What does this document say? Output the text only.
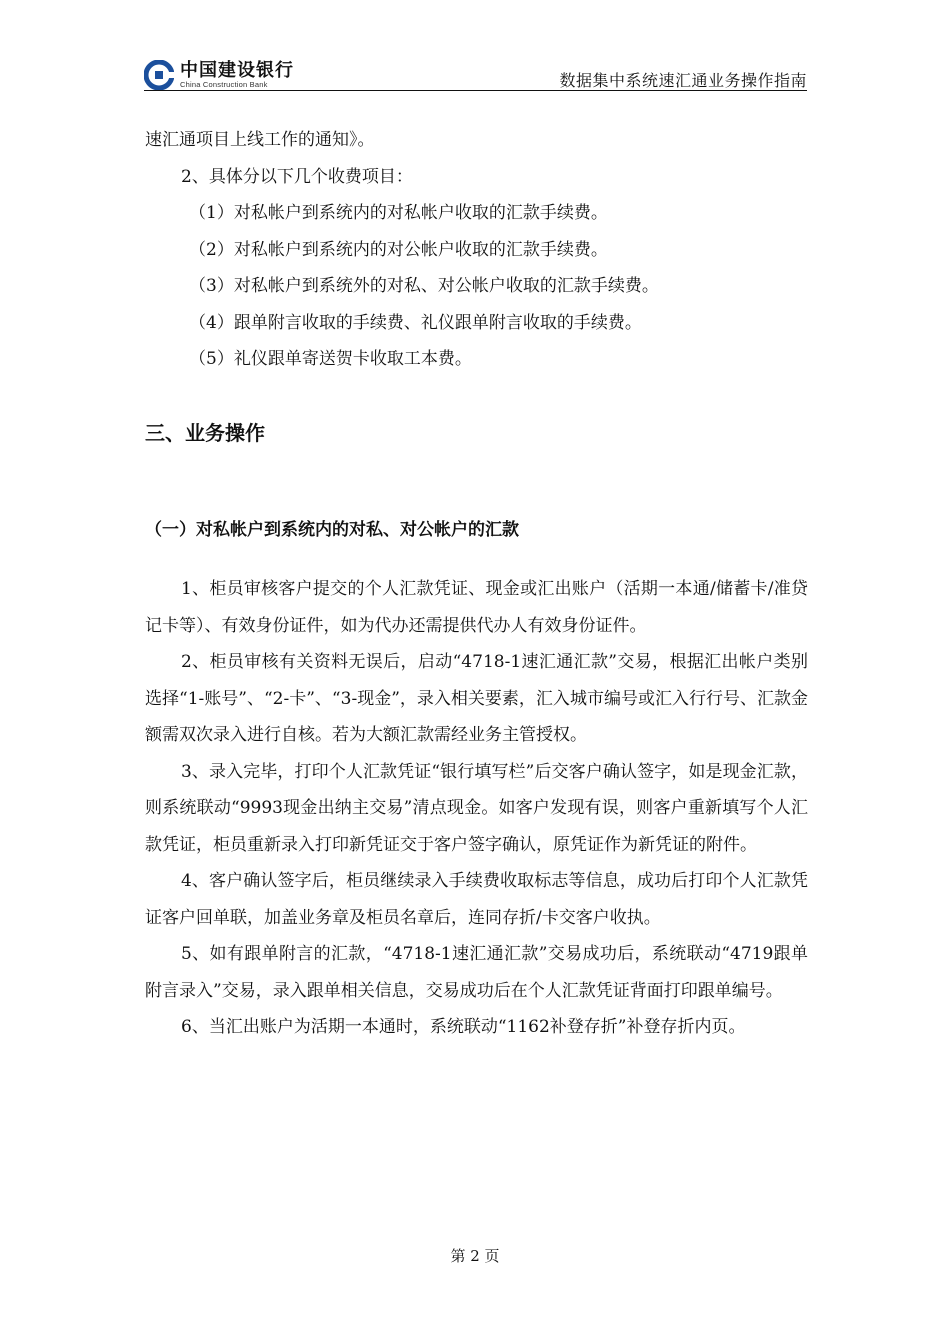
中国建设银行
China Construction Bank	数据集中系统速汇通业务操作指南

速汇通项目上线工作的通知》。

2、具体分以下几个收费项目：

（1）对私帐户到系统内的对私帐户收取的汇款手续费。

（2）对私帐户到系统内的对公帐户收取的汇款手续费。

（3）对私帐户到系统外的对私、对公帐户收取的汇款手续费。

（4）跟单附言收取的手续费、礼仪跟单附言收取的手续费。

（5）礼仪跟单寄送贺卡收取工本费。

三、业务操作
（一）对私帐户到系统内的对私、对公帐户的汇款

1、柜员审核客户提交的个人汇款凭证、现金或汇出账户（活期一本通/储蓄卡/准贷记卡等）、有效身份证件，如为代办还需提供代办人有效身份证件。

2、柜员审核有关资料无误后，启动“4718-1速汇通汇款”交易，根据汇出帐户类别选择“1-账号”、“2-卡”、“3-现金”，录入相关要素，汇入城市编号或汇入行行号、汇款金额需双次录入进行自核。若为大额汇款需经业务主管授权。

3、录入完毕，打印个人汇款凭证“银行填写栏”后交客户确认签字，如是现金汇款，则系统联动“9993现金出纳主交易”清点现金。如客户发现有误，则客户重新填写个人汇款凭证，柜员重新录入打印新凭证交于客户签字确认，原凭证作为新凭证的附件。

4、客户确认签字后，柜员继续录入手续费收取标志等信息，成功后打印个人汇款凭证客户回单联，加盖业务章及柜员名章后，连同存折/卡交客户收执。

5、如有跟单附言的汇款，“4718-1速汇通汇款”交易成功后，系统联动“4719跟单附言录入”交易，录入跟单相关信息，交易成功后在个人汇款凭证背面打印跟单编号。

6、当汇出账户为活期一本通时，系统联动“1162补登存折”补登存折内页。

第 2 页
